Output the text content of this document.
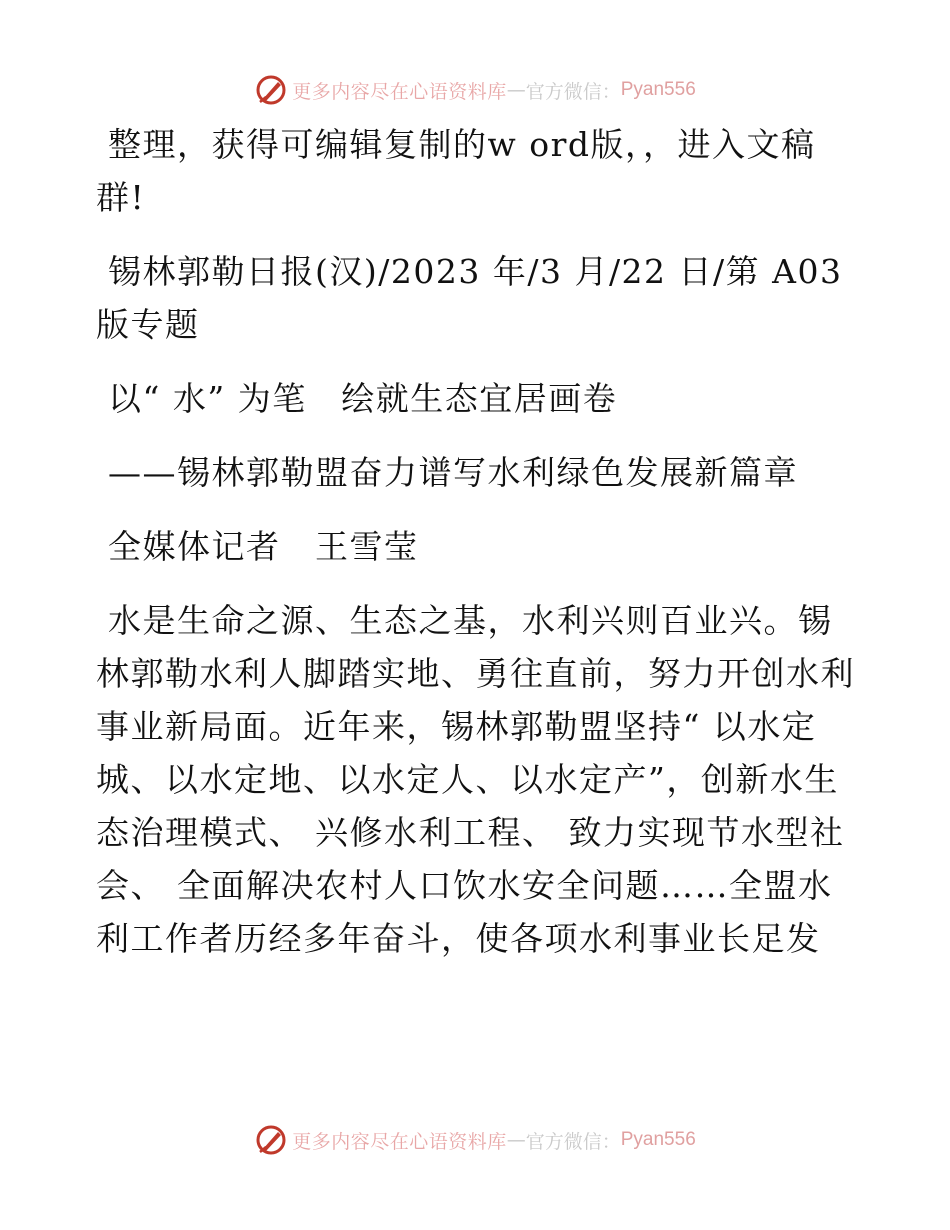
更多内容尽在心语资料库 — 官方微信： Pyan556

整理，获得可编辑复制的w ord版，，进入文稿群!

锡林郭勒日报(汉)/2023 年/3 月/22 日/第 A03 版专题

以“ 水” 为笔　绘就生态宜居画卷

——锡林郭勒盟奋力谱写水利绿色发展新篇章

全媒体记者　王雪莹

水是生命之源、生态之基，水利兴则百业兴。锡林郭勒水利人脚踏实地、勇往直前，努力开创水利事业新局面。近年来，锡林郭勒盟坚持“ 以水定城、以水定地、以水定人、以水定产”，创新水生态治理模式、 兴修水利工程、 致力实现节水型社会、 全面解决农村人口饮水安全问题……全盟水利工作者历经多年奋斗，使各项水利事业长足发

更多内容尽在心语资料库 — 官方微信： Pyan556
